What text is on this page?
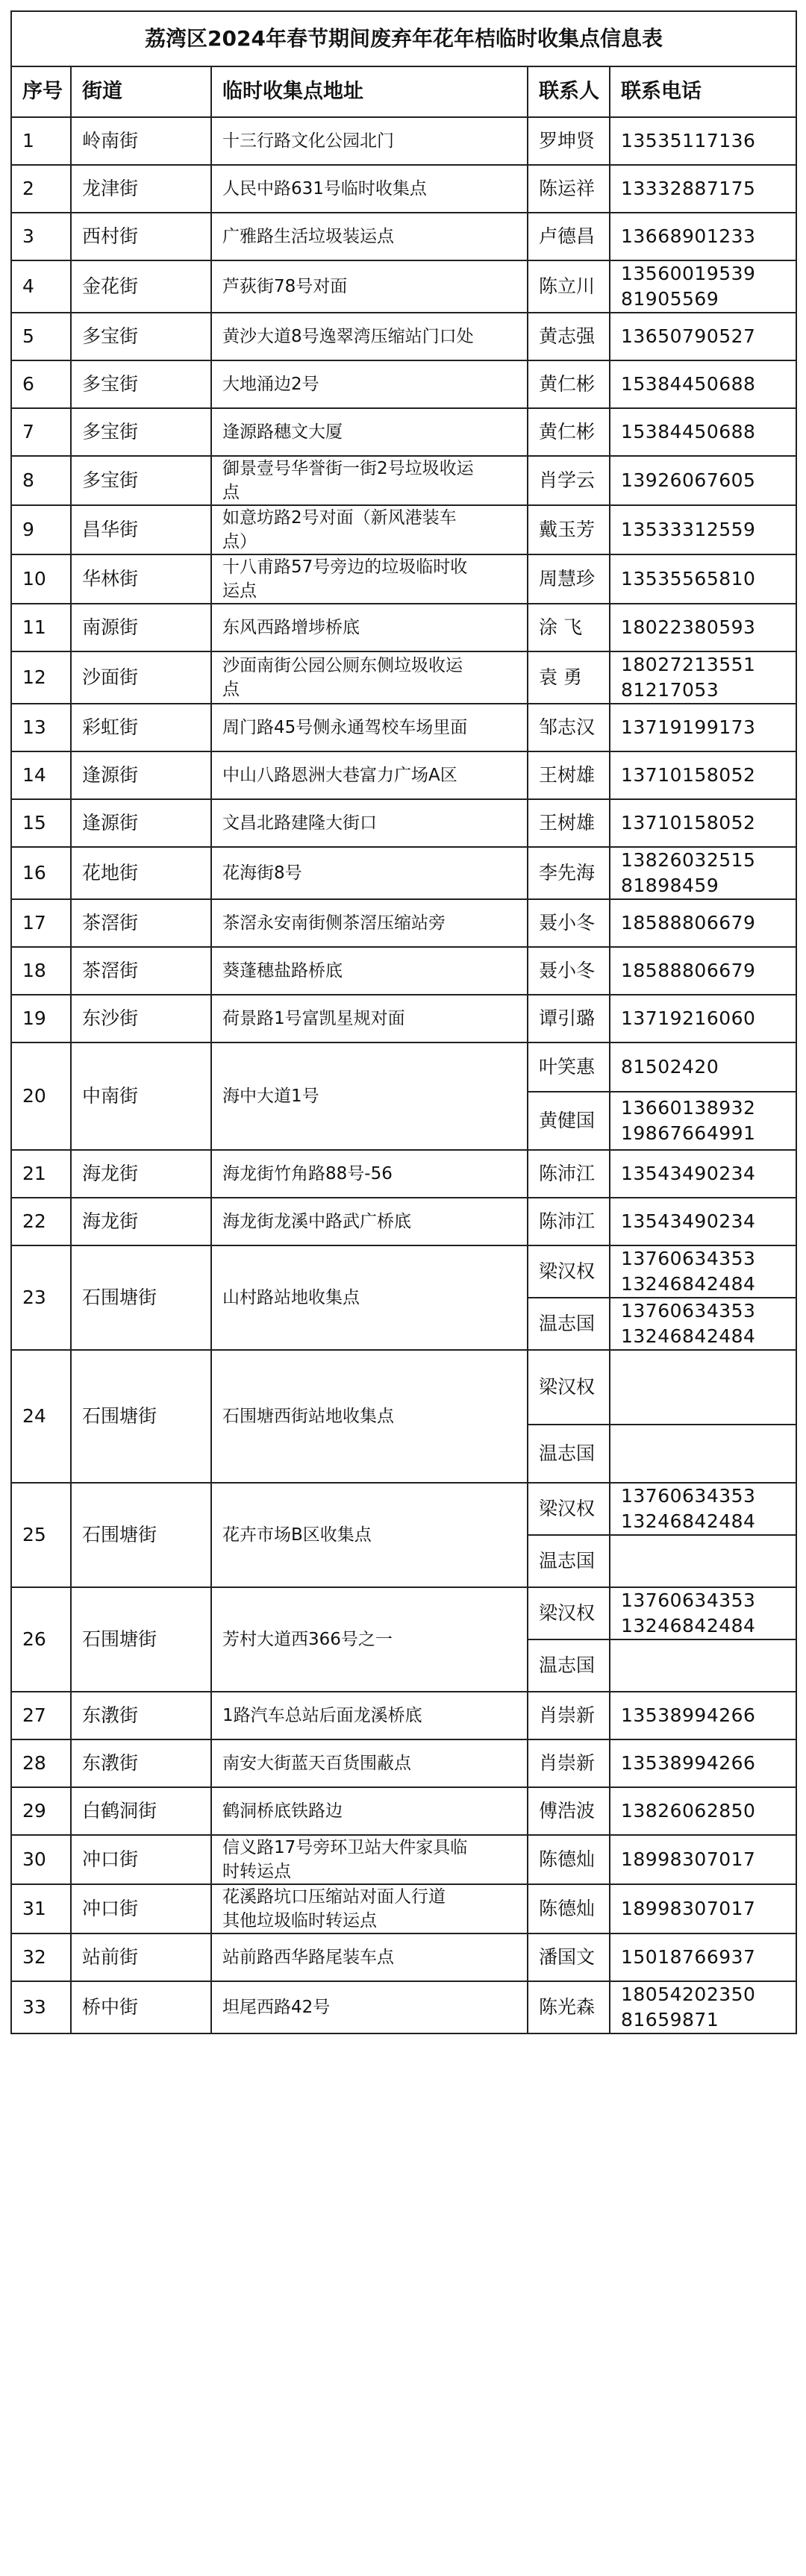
荔湾区2024年春节期间废弃年花年桔临时收集点信息表				
序号	街道	临时收集点地址	联系人	联系电话
1	岭南街	十三行路文化公园北门	罗坤贤	13535117136

2	龙津街	人民中路631号临时收集点	陈运祥	13332887175

3	西村街	广雅路生活垃圾装运点	卢德昌	13668901233

4	金花街	芦荻街78号对面	陈立川	13560019539
81905569

5	多宝街	黄沙大道8号逸翠湾压缩站门口处	黄志强	13650790527

6	多宝街	大地涌边2号	黄仁彬	15384450688

7	多宝街	逢源路穗文大厦	黄仁彬	15384450688

8	多宝街	御景壹号华誉街一街2号垃圾收运
点	肖学云	13926067605

9	昌华街	如意坊路2号对面（新风港装车
点）	戴玉芳	13533312559

10	华林街	十八甫路57号旁边的垃圾临时收
运点	周慧珍	13535565810

11	南源街	东风西路增埗桥底	涂 飞	18022380593

12	沙面街	沙面南街公园公厕东侧垃圾收运
点	袁 勇	18027213551
81217053

13	彩虹街	周门路45号侧永通驾校车场里面	邹志汉	13719199173

14	逢源街	中山八路恩洲大巷富力广场A区	王树雄	13710158052

15	逢源街	文昌北路建隆大街口	王树雄	13710158052

16	花地街	花海街8号	李先海	13826032515
81898459

17	茶滘街	茶滘永安南街侧茶滘压缩站旁	聂小冬	18588806679

18	茶滘街	葵蓬穗盐路桥底	聂小冬	18588806679

19	东沙街	荷景路1号富凯星规对面	谭引璐	13719216060

20	中南街	海中大道1号	叶笑惠	81502420

			黄健国	13660138932
19867664991

21	海龙街	海龙街竹角路88号-56	陈沛江	13543490234

22	海龙街	海龙街龙溪中路武广桥底	陈沛江	13543490234

23	石围塘街	山村路站地收集点	梁汉权	13760634353
13246842484

			温志国	13760634353
13246842484

24	石围塘街	石围塘西街站地收集点	梁汉权	
			温志国	
25	石围塘街	花卉市场B区收集点	梁汉权	13760634353
13246842484

			温志国	
26	石围塘街	芳村大道西366号之一	梁汉权	13760634353
13246842484

			温志国	
27	东漖街	1路汽车总站后面龙溪桥底	肖崇新	13538994266

28	东漖街	南安大街蓝天百货围蔽点	肖崇新	13538994266

29	白鹤洞街	鹤洞桥底铁路边	傅浩波	13826062850

30	冲口街	信义路17号旁环卫站大件家具临
时转运点	陈德灿	18998307017

31	冲口街	花溪路坑口压缩站对面人行道
其他垃圾临时转运点	陈德灿	18998307017

32	站前街	站前路西华路尾装车点	潘国文	15018766937

33	桥中街	坦尾西路42号	陈光森	18054202350
81659871
